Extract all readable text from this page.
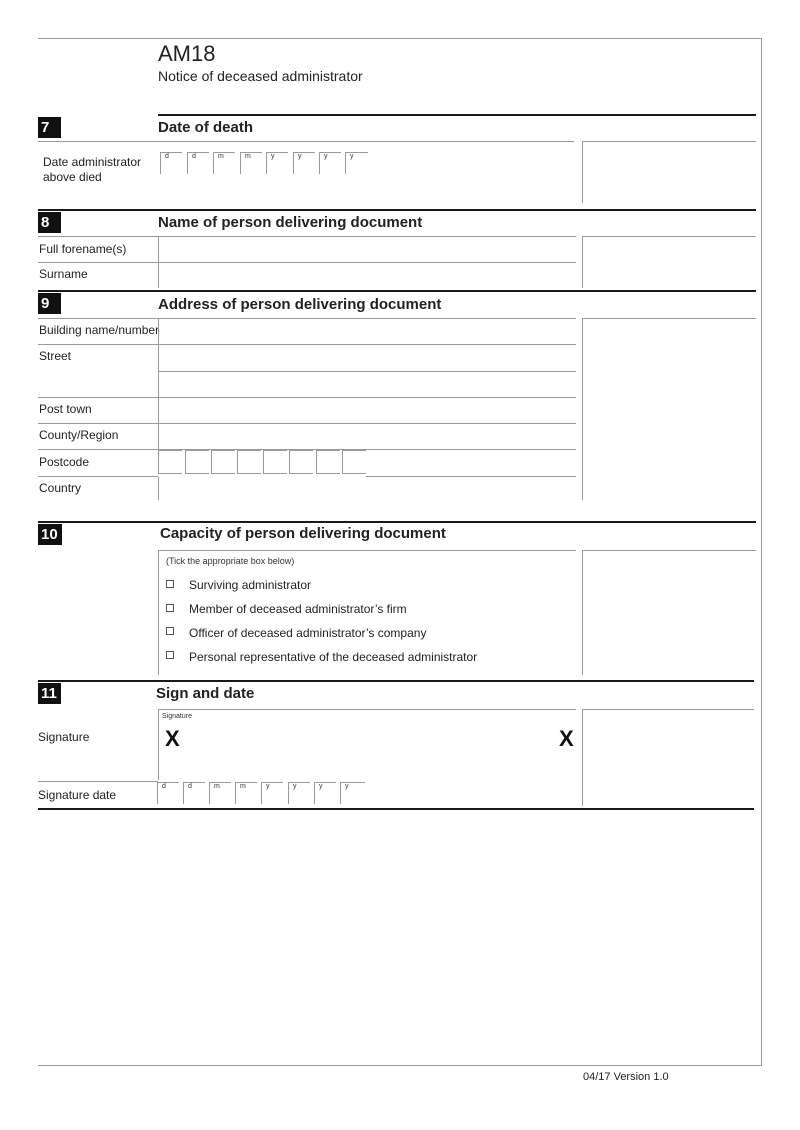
AM18
Notice of deceased administrator
7	Date of death
Date administrator above died
d	d	m	m	y	y	y	y
8	Name of person delivering document
Full forename(s)
Surname
9	Address of person delivering document
Building name/number
Street
Post town
County/Region
Postcode
Country
10	Capacity of person delivering document
(Tick the appropriate box below)
Surviving administrator
Member of deceased administrator’s firm
Officer of deceased administrator’s company
Personal representative of the deceased administrator
11	Sign and date
Signature
Signature
X	X
Signature date
d	d	m	m	y	y	y	y
04/17 Version 1.0
